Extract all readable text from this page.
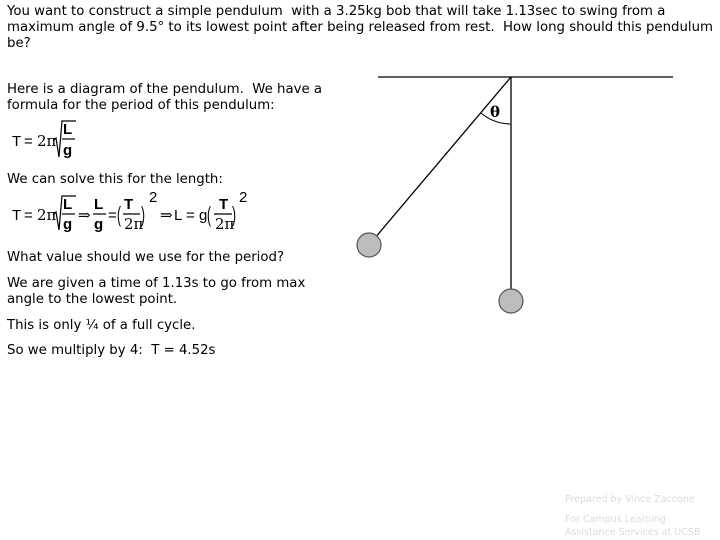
You want to construct a simple pendulum  with a 3.25kg bob that will take 1.13sec to swing from a maximum angle of 9.5° to its lowest point after being released from rest.  How long should this pendulum be?
Here is a diagram of the pendulum.  We have a formula for the period of this pendulum:
We can solve this for the length:
What value should we use for the period?
We are given a time of 1.13s to go from max angle to the lowest point.
This is only ¼ of a full cycle.
So we multiply by 4:  T = 4.52s
Prepared by Vince Zaccone
For Campus Learning Assistance Services at UCSB
θ
T = 2π
L
g
T = 2π
L
g
⇒
L
g
= ( T
2π
)
2
⇒ L = g ( T
2π
)
2
